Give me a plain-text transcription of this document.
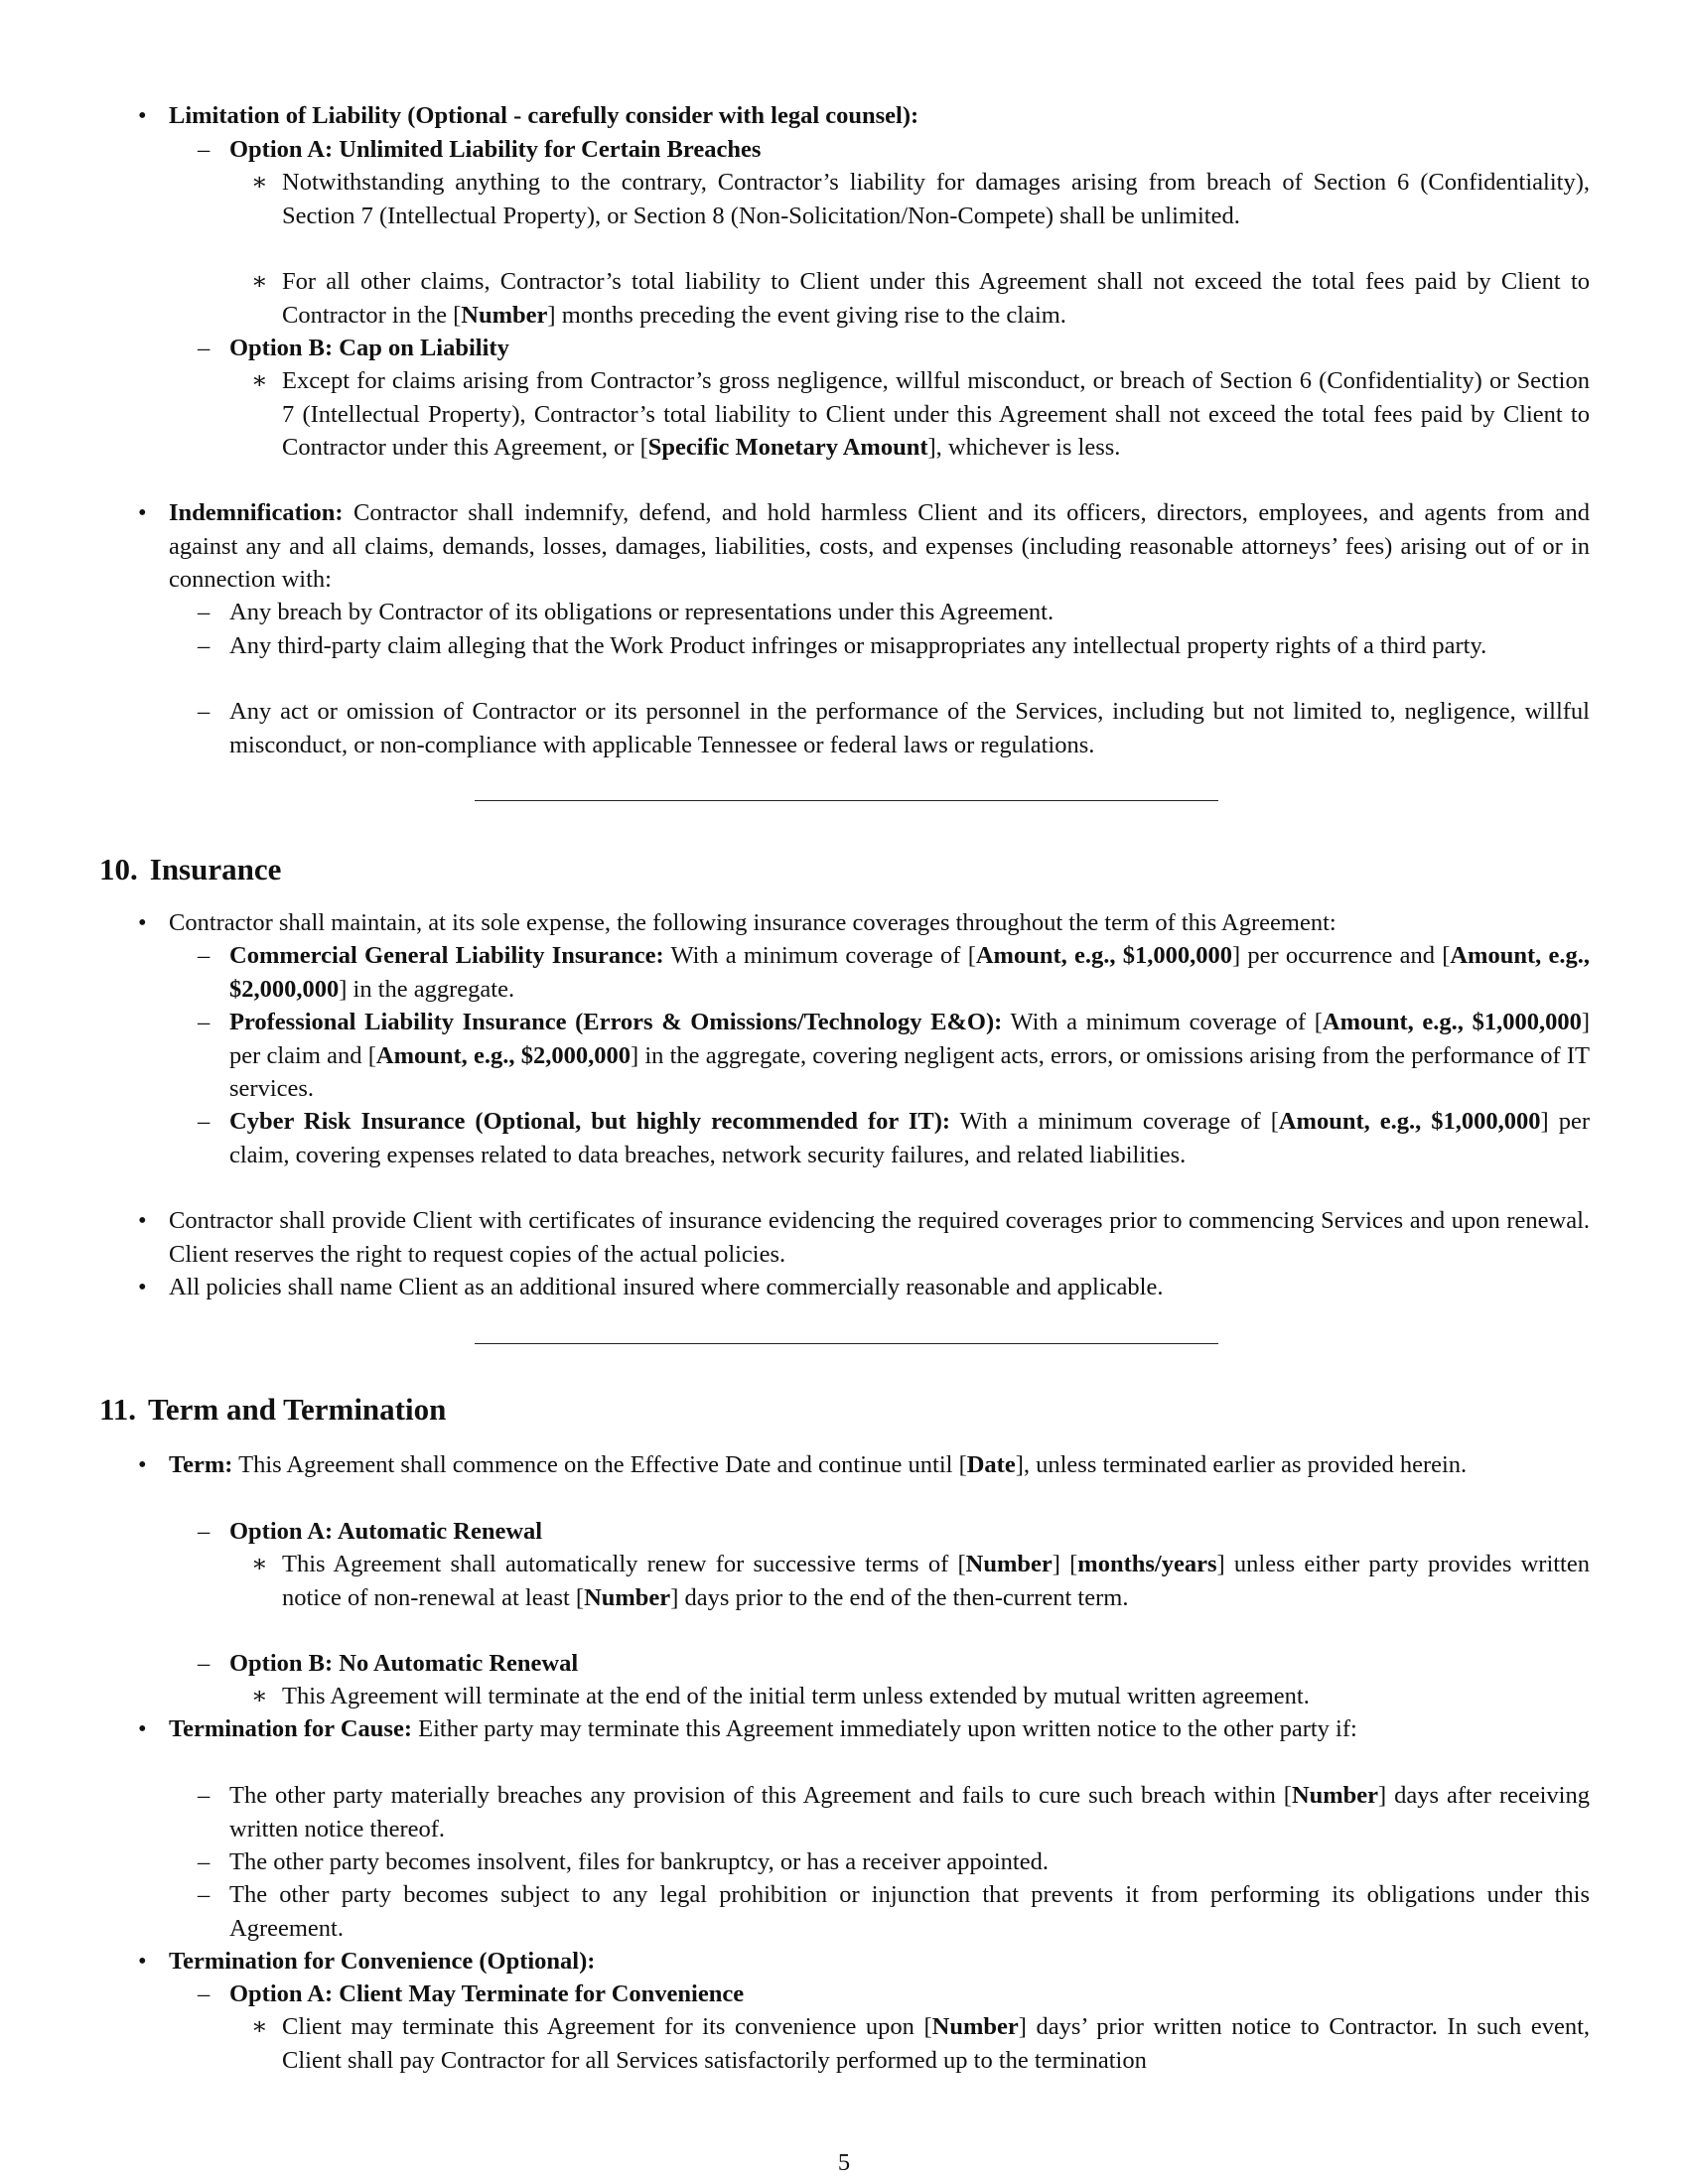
• Limitation of Liability (Optional - carefully consider with legal counsel):
– Option A: Unlimited Liability for Certain Breaches
∗ Notwithstanding anything to the contrary, Contractor’s liability for damages arising from breach of Section 6 (Confidentiality), Section 7 (Intellectual Property), or Section 8 (Non-Solicitation/Non-Compete) shall be unlimited.
∗ For all other claims, Contractor’s total liability to Client under this Agreement shall not exceed the total fees paid by Client to Contractor in the [Number] months preceding the event giving rise to the claim.
– Option B: Cap on Liability
∗ Except for claims arising from Contractor’s gross negligence, willful misconduct, or breach of Section 6 (Confidentiality) or Section 7 (Intellectual Property), Contractor’s total liability to Client under this Agreement shall not exceed the total fees paid by Client to Contractor under this Agreement, or [Specific Monetary Amount], whichever is less.
• Indemnification: Contractor shall indemnify, defend, and hold harmless Client and its officers, directors, employees, and agents from and against any and all claims, demands, losses, damages, liabilities, costs, and expenses (including reasonable attorneys’ fees) arising out of or in connection with:
– Any breach by Contractor of its obligations or representations under this Agreement.
– Any third-party claim alleging that the Work Product infringes or misappropriates any intellectual property rights of a third party.
– Any act or omission of Contractor or its personnel in the performance of the Services, including but not limited to, negligence, willful misconduct, or non-compliance with applicable Tennessee or federal laws or regulations.
10. Insurance
• Contractor shall maintain, at its sole expense, the following insurance coverages throughout the term of this Agreement:
– Commercial General Liability Insurance: With a minimum coverage of [Amount, e.g., $1,000,000] per occurrence and [Amount, e.g., $2,000,000] in the aggregate.
– Professional Liability Insurance (Errors & Omissions/Technology E&O): With a minimum coverage of [Amount, e.g., $1,000,000] per claim and [Amount, e.g., $2,000,000] in the aggregate, covering negligent acts, errors, or omissions arising from the performance of IT services.
– Cyber Risk Insurance (Optional, but highly recommended for IT): With a minimum coverage of [Amount, e.g., $1,000,000] per claim, covering expenses related to data breaches, network security failures, and related liabilities.
• Contractor shall provide Client with certificates of insurance evidencing the required coverages prior to commencing Services and upon renewal. Client reserves the right to request copies of the actual policies.
• All policies shall name Client as an additional insured where commercially reasonable and applicable.
11. Term and Termination
• Term: This Agreement shall commence on the Effective Date and continue until [Date], unless terminated earlier as provided herein.
– Option A: Automatic Renewal
∗ This Agreement shall automatically renew for successive terms of [Number] [months/years] unless either party provides written notice of non-renewal at least [Number] days prior to the end of the then-current term.
– Option B: No Automatic Renewal
∗ This Agreement will terminate at the end of the initial term unless extended by mutual written agreement.
• Termination for Cause: Either party may terminate this Agreement immediately upon written notice to the other party if:
– The other party materially breaches any provision of this Agreement and fails to cure such breach within [Number] days after receiving written notice thereof.
– The other party becomes insolvent, files for bankruptcy, or has a receiver appointed.
– The other party becomes subject to any legal prohibition or injunction that prevents it from performing its obligations under this Agreement.
• Termination for Convenience (Optional):
– Option A: Client May Terminate for Convenience
∗ Client may terminate this Agreement for its convenience upon [Number] days’ prior written notice to Contractor. In such event, Client shall pay Contractor for all Services satisfactorily performed up to the termination
5
